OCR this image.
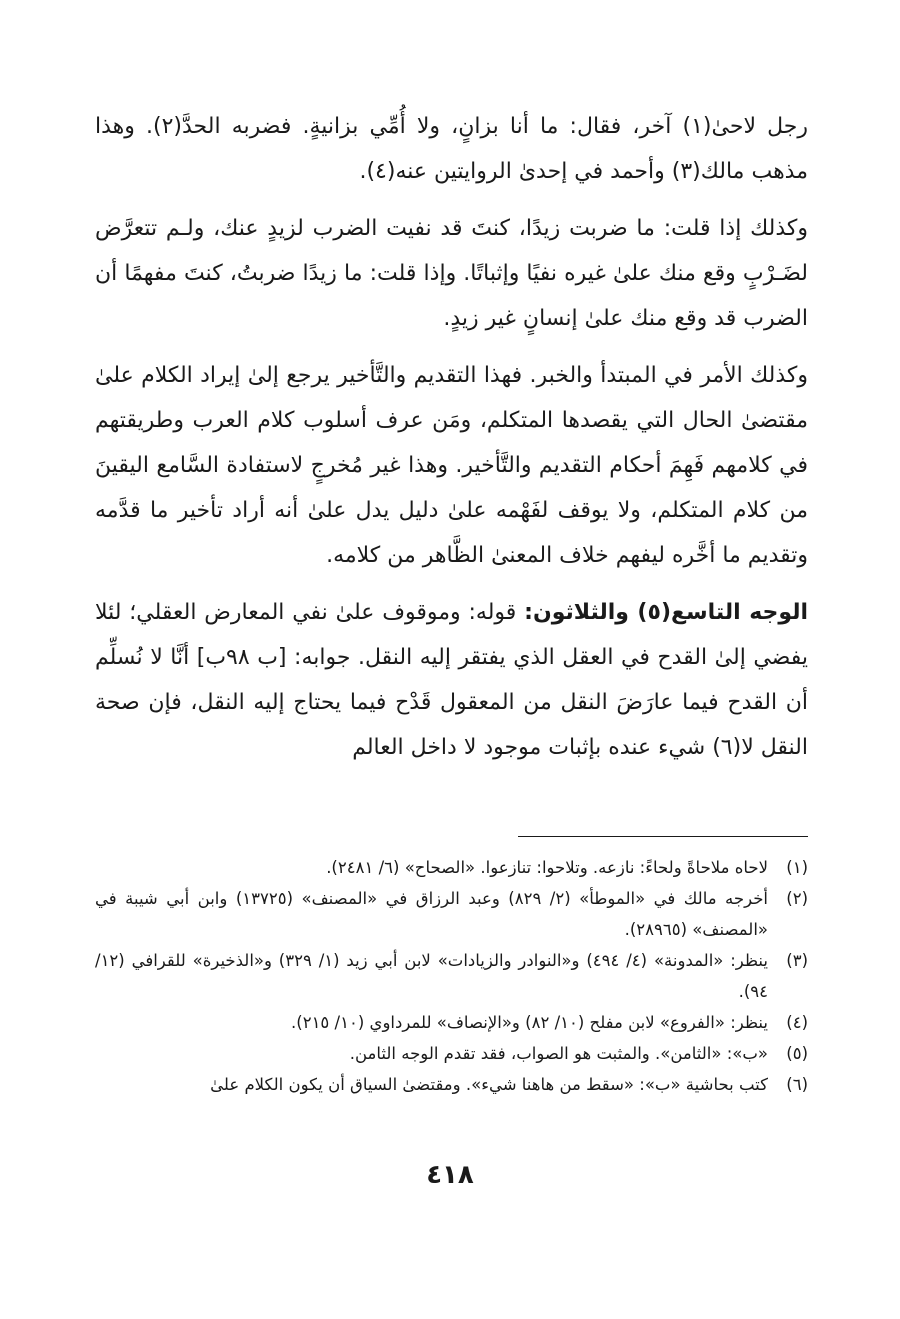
رجل لاحىٰ(١) آخر، فقال: ما أنا بزانٍ، ولا أُمِّي بزانيةٍ. فضربه الحدَّ(٢). وهذا مذهب مالك(٣) وأحمد في إحدىٰ الروايتين عنه(٤).

وكذلك إذا قلت: ما ضربت زيدًا، كنتَ قد نفيت الضرب لزيدٍ عنك، ولـم تتعرَّض لضَـرْبٍ وقع منك علىٰ غيره نفيًا وإثباتًا. وإذا قلت: ما زيدًا ضربتُ، كنتَ مفهمًا أن الضرب قد وقع منك علىٰ إنسانٍ غير زيدٍ.

وكذلك الأمر في المبتدأ والخبر. فهذا التقديم والتَّأخير يرجع إلىٰ إيراد الكلام علىٰ مقتضىٰ الحال التي يقصدها المتكلم، ومَن عرف أسلوب كلام العرب وطريقتهم في كلامهم فَهِمَ أحكام التقديم والتَّأخير. وهذا غير مُخرجٍ لاستفادة السَّامع اليقينَ من كلام المتكلم، ولا يوقف لفَهْمه علىٰ دليل يدل علىٰ أنه أراد تأخير ما قدَّمه وتقديم ما أخَّره ليفهم خلاف المعنىٰ الظَّاهر من كلامه.

الوجه التاسع(٥) والثلاثون: قوله: وموقوف علىٰ نفي المعارض العقلي؛ لئلا يفضي إلىٰ القدح في العقل الذي يفتقر إليه النقل. جوابه: [ب ٩٨ب] أنَّا لا نُسلِّم أن القدح فيما عارَضَ النقل من المعقول قَدْح فيما يحتاج إليه النقل، فإن صحة النقل لا(٦) شيء عنده بإثبات موجود لا داخل العالم

(١)
لاحاه ملاحاةً ولحاءً: نازعه. وتلاحوا: تنازعوا. «الصحاح» (٦/ ٢٤٨١).
(٢)
أخرجه مالك في «الموطأ» (٢/ ٨٢٩) وعبد الرزاق في «المصنف» (١٣٧٢٥) وابن أبي شيبة في «المصنف» (٢٨٩٦٥).
(٣)
ينظر: «المدونة» (٤/ ٤٩٤) و«النوادر والزيادات» لابن أبي زيد (١/ ٣٢٩) و«الذخيرة» للقرافي (١٢/ ٩٤).
(٤)
ينظر: «الفروع» لابن مفلح (١٠/ ٨٢) و«الإنصاف» للمرداوي (١٠/ ٢١٥).
(٥)
«ب»: «الثامن». والمثبت هو الصواب، فقد تقدم الوجه الثامن.
(٦)
كتب بحاشية «ب»: «سقط من هاهنا شيء». ومقتضىٰ السياق أن يكون الكلام علىٰ
٤١٨
